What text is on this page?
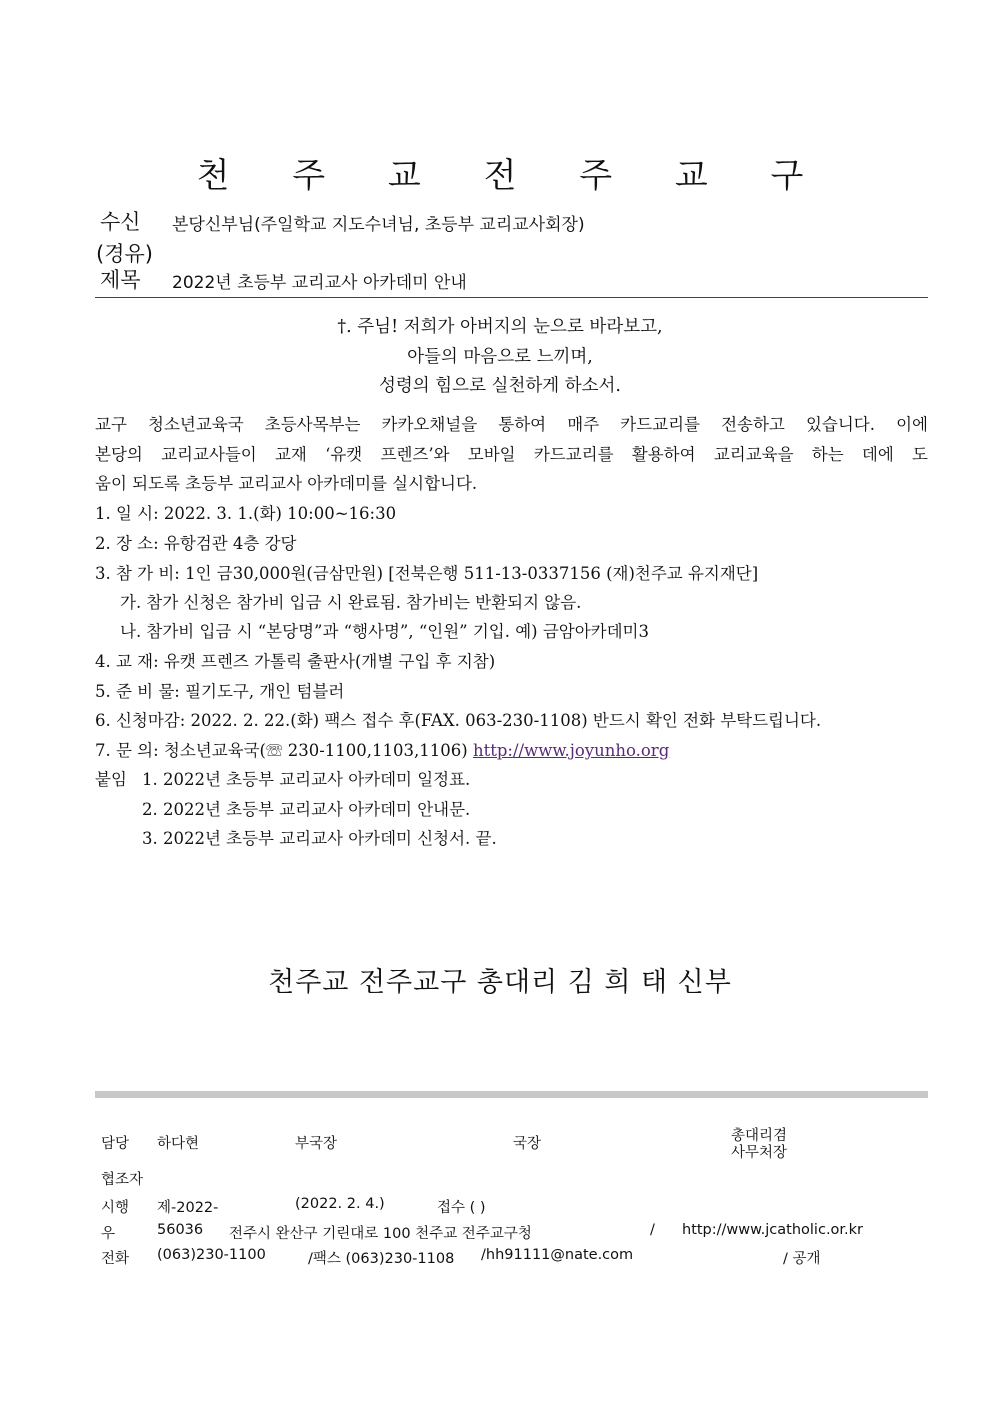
천 주 교 전 주 교 구
수신 본당신부님(주일학교 지도수녀님, 초등부 교리교사회장)
(경유)
제목 2022년 초등부 교리교사 아카데미 안내
†. 주님! 저희가 아버지의 눈으로 바라보고,
아들의 마음으로 느끼며,
성령의 힘으로 실천하게 하소서.
교구 청소년교육국 초등사목부는 카카오채널을 통하여 매주 카드교리를 전송하고 있습니다. 이에
본당의 교리교사들이 교재 ‘유캣 프렌즈’와 모바일 카드교리를 활용하여 교리교육을 하는 데에 도
움이 되도록 초등부 교리교사 아카데미를 실시합니다.
1. 일 시: 2022. 3. 1.(화) 10:00~16:30
2. 장 소: 유항검관 4층 강당
3. 참 가 비: 1인 금30,000원(금삼만원) [전북은행 511-13-0337156 (재)천주교 유지재단]
가. 참가 신청은 참가비 입금 시 완료됨. 참가비는 반환되지 않음.
나. 참가비 입금 시 “본당명”과 “행사명”, “인원” 기입. 예) 금암아카데미3
4. 교 재: 유캣 프렌즈 가톨릭 출판사(개별 구입 후 지참)
5. 준 비 물: 필기도구, 개인 텀블러
6. 신청마감: 2022. 2. 22.(화) 팩스 접수 후(FAX. 063-230-1108) 반드시 확인 전화 부탁드립니다.
7. 문 의: 청소년교육국(☏ 230-1100,1103,1106) http://www.joyunho.org
붙임 1. 2022년 초등부 교리교사 아카데미 일정표.
2. 2022년 초등부 교리교사 아카데미 안내문.
3. 2022년 초등부 교리교사 아카데미 신청서. 끝.
천주교 전주교구 총대리 김 희 태 신부
담당 하다현	부국장	국장	총대리겸
사무처장
협조자
시행 제-2022-	(2022. 2. 4.)	접수 ( )
우	56036 전주시 완산구 기린대로 100 천주교 전주교구청	/ http://www.jcatholic.or.kr
전화 (063)230-1100	/팩스 (063)230-1108 /hh91111@nate.com	/ 공개
